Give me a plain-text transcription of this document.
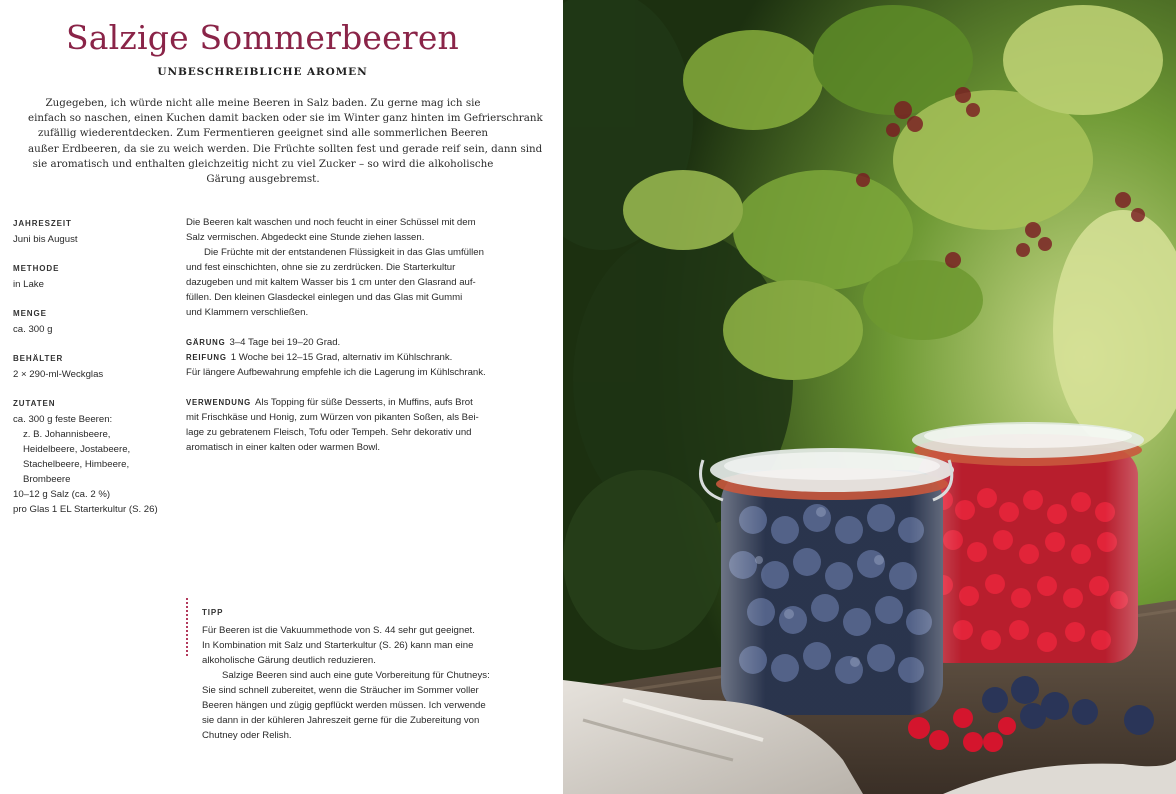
Salzige Sommerbeeren
UNBESCHREIBLICHE AROMEN
Zugegeben, ich würde nicht alle meine Beeren in Salz baden. Zu gerne mag ich sie
einfach so naschen, einen Kuchen damit backen oder sie im Winter ganz hinten im Gefrierschrank
zufällig wiederentdecken. Zum Fermentieren geeignet sind alle sommerlichen Beeren
außer Erdbeeren, da sie zu weich werden. Die Früchte sollten fest und gerade reif sein, dann sind
sie aromatisch und enthalten gleichzeitig nicht zu viel Zucker – so wird die alkoholische
Gärung ausgebremst.
JAHRESZEIT
Juni bis August
METHODE
in Lake
MENGE
ca. 300 g
BEHÄLTER
2 × 290-ml-Weckglas
ZUTATEN
ca. 300 g feste Beeren:
z. B. Johannisbeere,
Heidelbeere, Jostabeere,
Stachelbeere, Himbeere,
Brombeere
10–12 g Salz (ca. 2 %)
pro Glas 1 EL Starterkultur (S. 26)
Die Beeren kalt waschen und noch feucht in einer Schüssel mit dem
Salz vermischen. Abgedeckt eine Stunde ziehen lassen.
Die Früchte mit der entstandenen Flüssigkeit in das Glas umfüllen
und fest einschichten, ohne sie zu zerdrücken. Die Starterkultur
dazugeben und mit kaltem Wasser bis 1 cm unter den Glasrand auf-
füllen. Den kleinen Glasdeckel einlegen und das Glas mit Gummi
und Klammern verschließen.
GÄRUNG 3–4 Tage bei 19–20 Grad.
REIFUNG 1 Woche bei 12–15 Grad, alternativ im Kühlschrank.
Für längere Aufbewahrung empfehle ich die Lagerung im Kühlschrank.
VERWENDUNG Als Topping für süße Desserts, in Muffins, aufs Brot
mit Frischkäse und Honig, zum Würzen von pikanten Soßen, als Bei-
lage zu gebratenem Fleisch, Tofu oder Tempeh. Sehr dekorativ und
aromatisch in einer kalten oder warmen Bowl.
TIPP
Für Beeren ist die Vakuummethode von S. 44 sehr gut geeignet.
In Kombination mit Salz und Starterkultur (S. 26) kann man eine
alkoholische Gärung deutlich reduzieren.
Salzige Beeren sind auch eine gute Vorbereitung für Chutneys:
Sie sind schnell zubereitet, wenn die Sträucher im Sommer voller
Beeren hängen und zügig gepflückt werden müssen. Ich verwende
sie dann in der kühleren Jahreszeit gerne für die Zubereitung von
Chutney oder Relish.
